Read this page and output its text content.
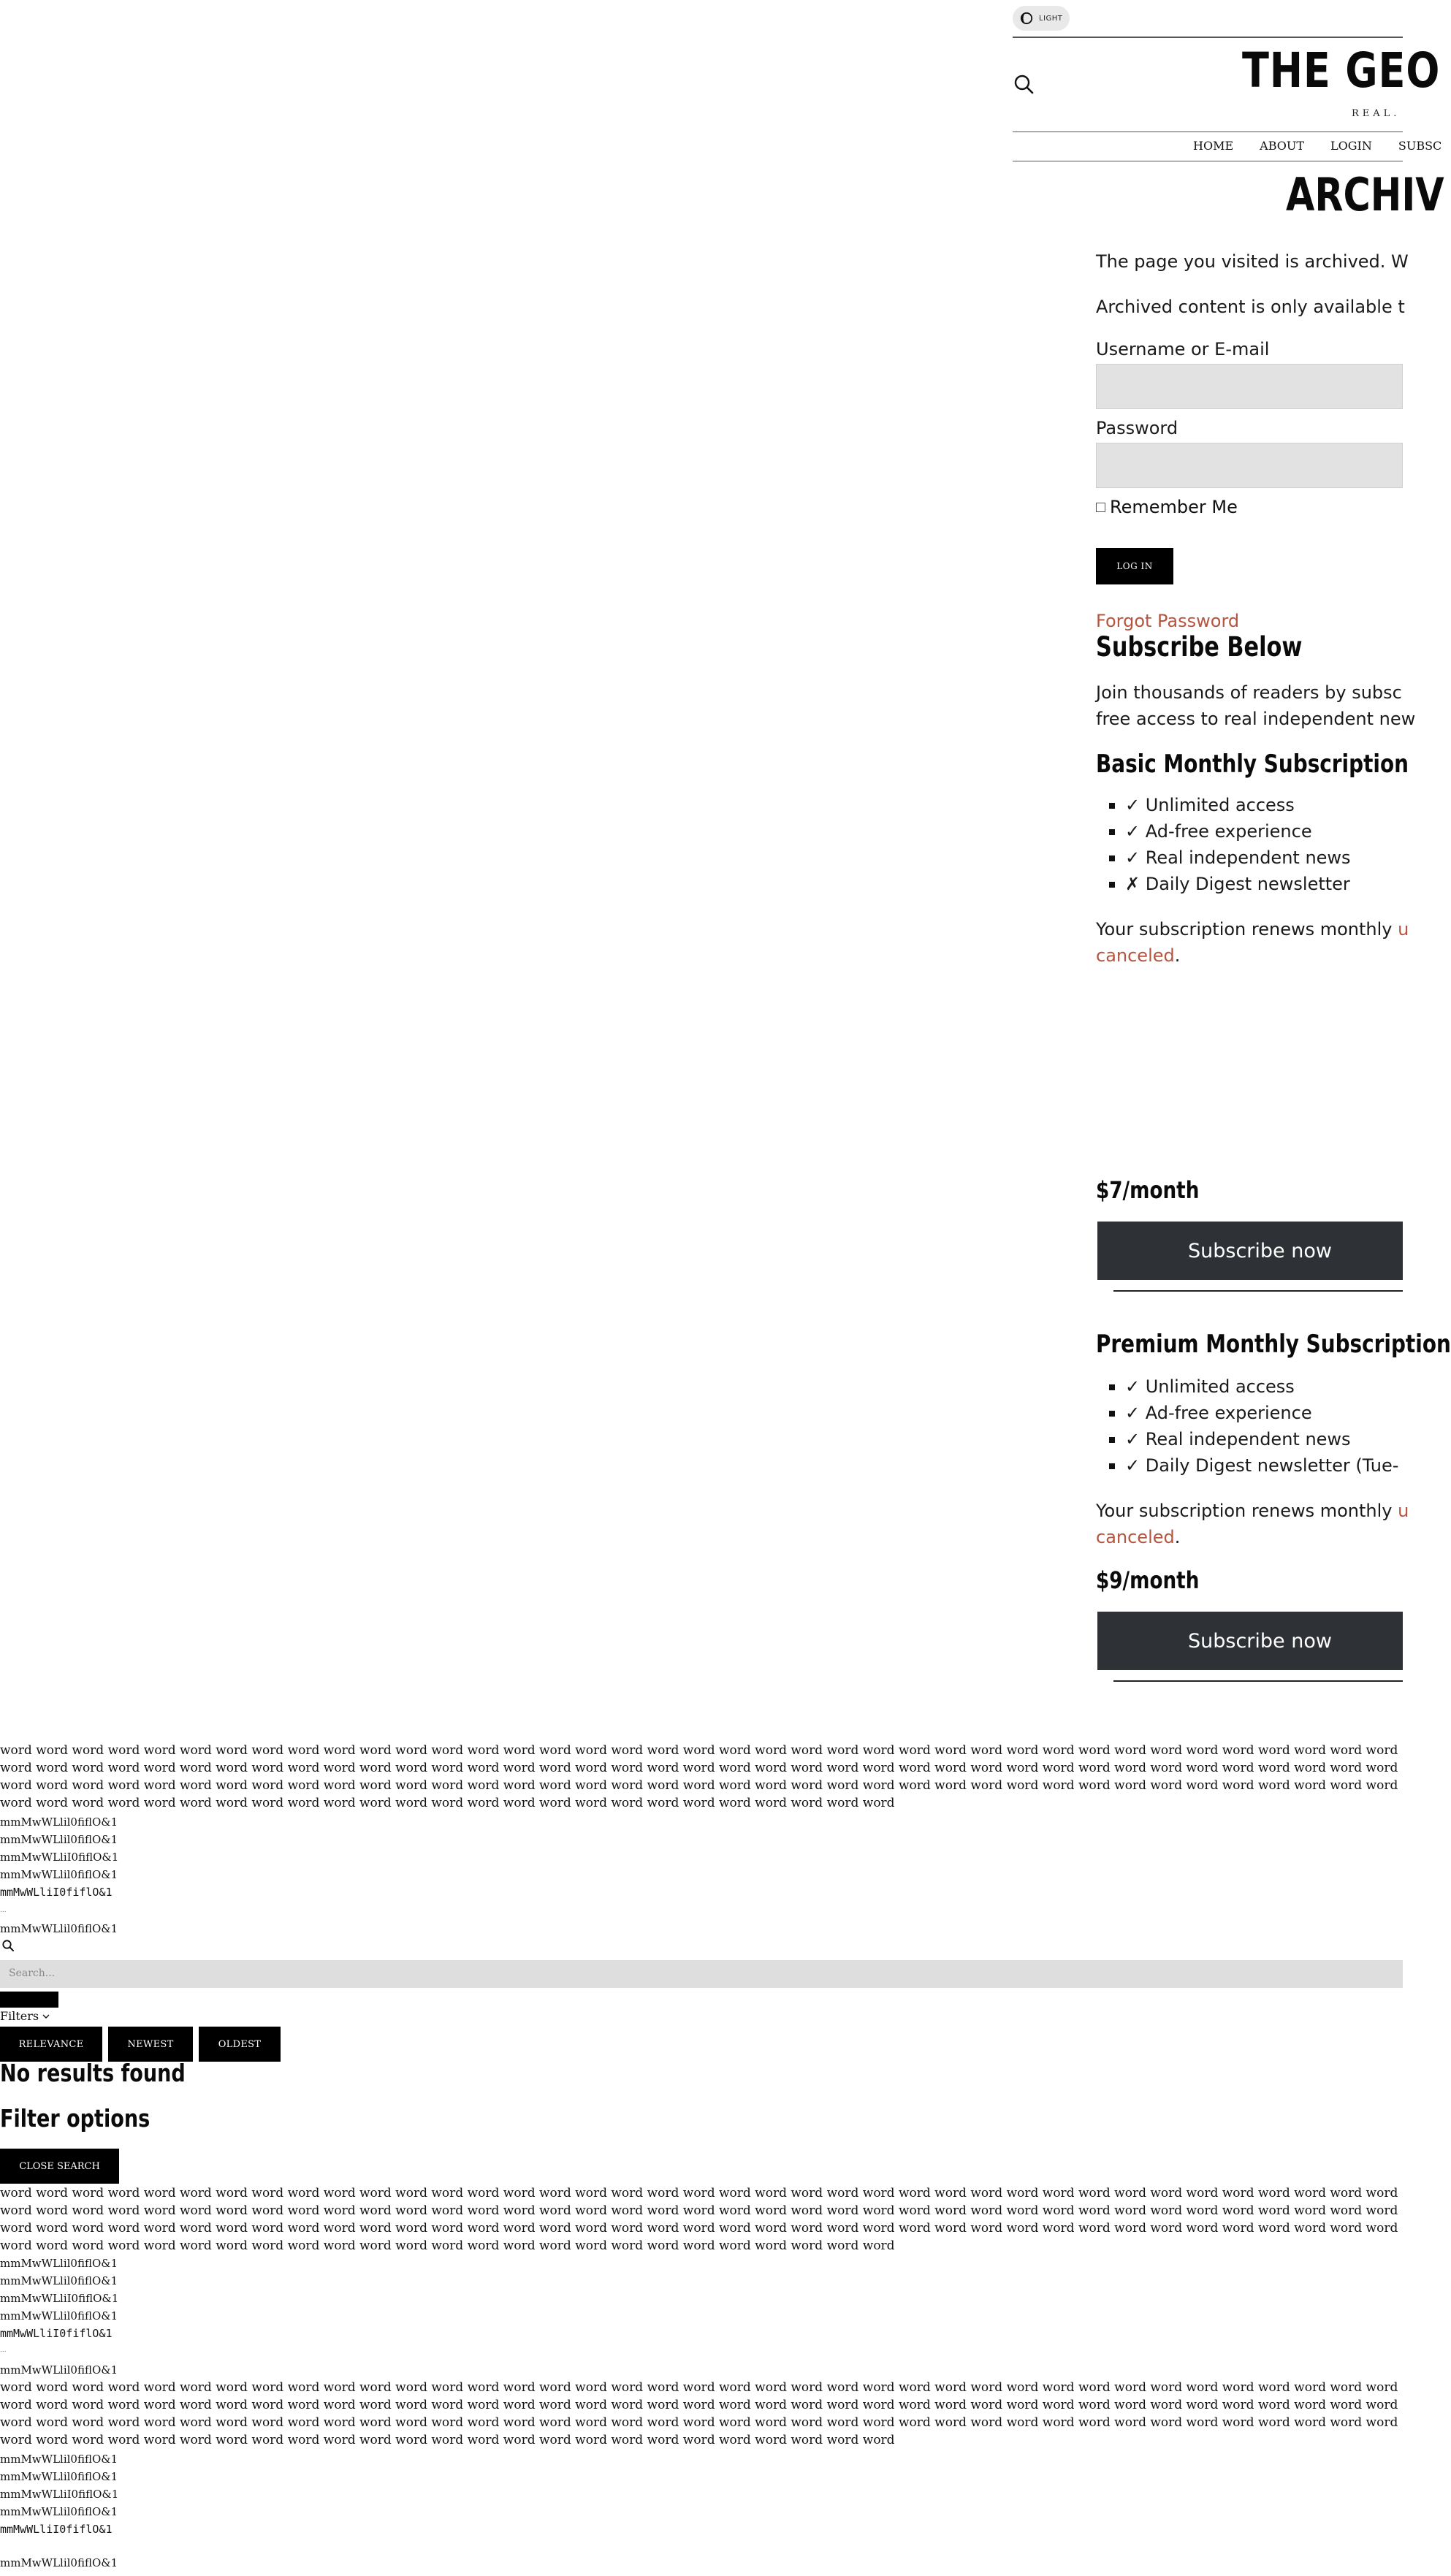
LIGHT
THE GEO
REAL.
HOME ABOUT LOGIN SUBSC
ARCHIV
The page you visited is archived. W
Archived content is only available t
Username or E-mail
Password
Remember Me
LOG IN
Forgot Password
Subscribe Below
Join thousands of readers by subsc
free access to real independent new
Basic Monthly Subscription
✓ Unlimited access
✓ Ad-free experience
✓ Real independent news
✗ Daily Digest newsletter
Your subscription renews monthly u
canceled.
$7/month
Subscribe now
Premium Monthly Subscription
✓ Unlimited access
✓ Ad-free experience
✓ Real independent news
✓ Daily Digest newsletter (Tue-
Your subscription renews monthly u
canceled.
$9/month
Subscribe now
word word word word word word word word word word word word word word word word word word word word word word word word word word word word word word word word word word word word word word word word word word word word word word word word word word word word word word word word word word word word word word word word word word word word word word word word word word word word word word word word word word word word word word word word word word word word word word word word word word word word word word word word word word word word word word word word word word word word word word word word word word word word word word word word word word word word word word word word word word word word word word
mmMwWLlil0fiflO&1
mmMwWLlil0fiflO&1
mmMwWLliI0fiflO&1
mmMwWLlil0fiflO&1
mmMwWLliI0fiflO&1
...
mmMwWLlil0fiflO&1
Search...
Filters
RELEVANCE	NEWEST	OLDEST
No results found
Filter options
CLOSE SEARCH
word word word word word word word word word word word word word word word word word word word word word word word word word word word word word word word word word word word word word word word word word word word word word word word word word word word word word word word word word word word word word word word word word word word word word word word word word word word word word word word word word word word word word word word word word word word word word word word word word word word word word word word word word word word word word word word word word word word word word word word word word word word word word word word word word word word word word word word word word word word word word word
mmMwWLlil0fiflO&1
mmMwWLlil0fiflO&1
mmMwWLliI0fiflO&1
mmMwWLlil0fiflO&1
mmMwWLliI0fiflO&1
...
mmMwWLlil0fiflO&1
word word word word word word word word word word word word word word word word word word word word word word word word word word word word word word word word word word word word word word word word word word word word word word word word word word word word word word word word word word word word word word word word word word word word word word word word word word word word word word word word word word word word word word word word word word word word word word word word word word word word word word word word word word word word word word word word word word word word word word word word word word word word word word word word word word word word word word word word word word word word word word
mmMwWLlil0fiflO&1
mmMwWLlil0fiflO&1
mmMwWLliI0fiflO&1
mmMwWLlil0fiflO&1
mmMwWLliI0fiflO&1
mmMwWLlil0fiflO&1
